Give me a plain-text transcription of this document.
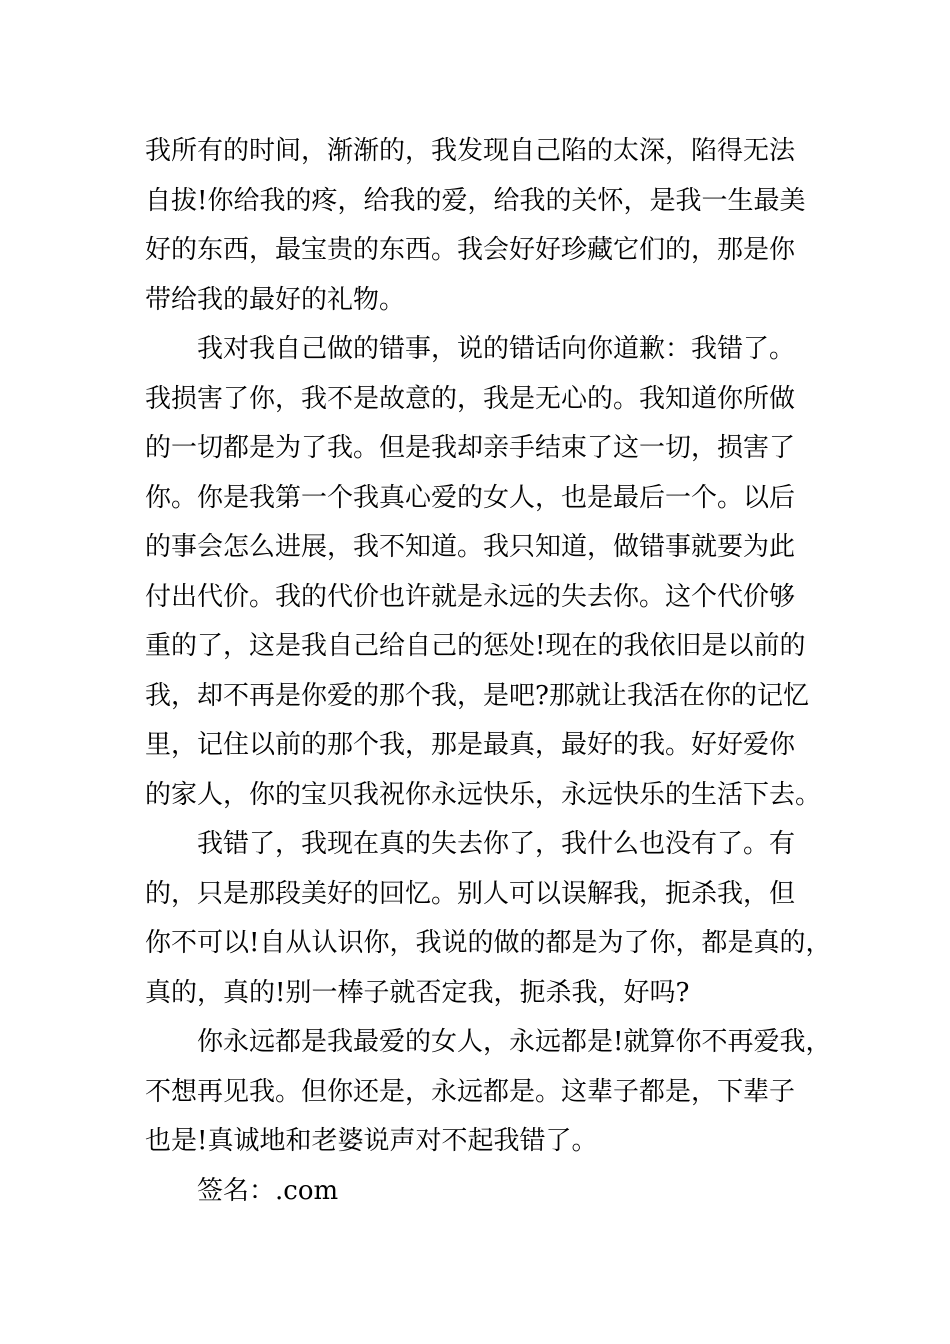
我所有的时间，渐渐的，我发现自己陷的太深，陷得无法
自拔!你给我的疼，给我的爱，给我的关怀，是我一生最美
好的东西，最宝贵的东西。我会好好珍藏它们的，那是你
带给我的最好的礼物。
我对我自己做的错事，说的错话向你道歉：我错了。
我损害了你，我不是故意的，我是无心的。我知道你所做
的一切都是为了我。但是我却亲手结束了这一切，损害了
你。你是我第一个我真心爱的女人，也是最后一个。以后
的事会怎么进展，我不知道。我只知道，做错事就要为此
付出代价。我的代价也许就是永远的失去你。这个代价够
重的了，这是我自己给自己的惩处!现在的我依旧是以前的
我，却不再是你爱的那个我，是吧?那就让我活在你的记忆
里，记住以前的那个我，那是最真，最好的我。好好爱你
的家人，你的宝贝我祝你永远快乐，永远快乐的生活下去。
我错了，我现在真的失去你了，我什么也没有了。有
的，只是那段美好的回忆。别人可以误解我，扼杀我，但
你不可以!自从认识你，我说的做的都是为了你，都是真的，
真的，真的!别一棒子就否定我，扼杀我，好吗?
你永远都是我最爱的女人，永远都是!就算你不再爱我，
不想再见我。但你还是，永远都是。这辈子都是，下辈子
也是!真诚地和老婆说声对不起我错了。
签名：.com
